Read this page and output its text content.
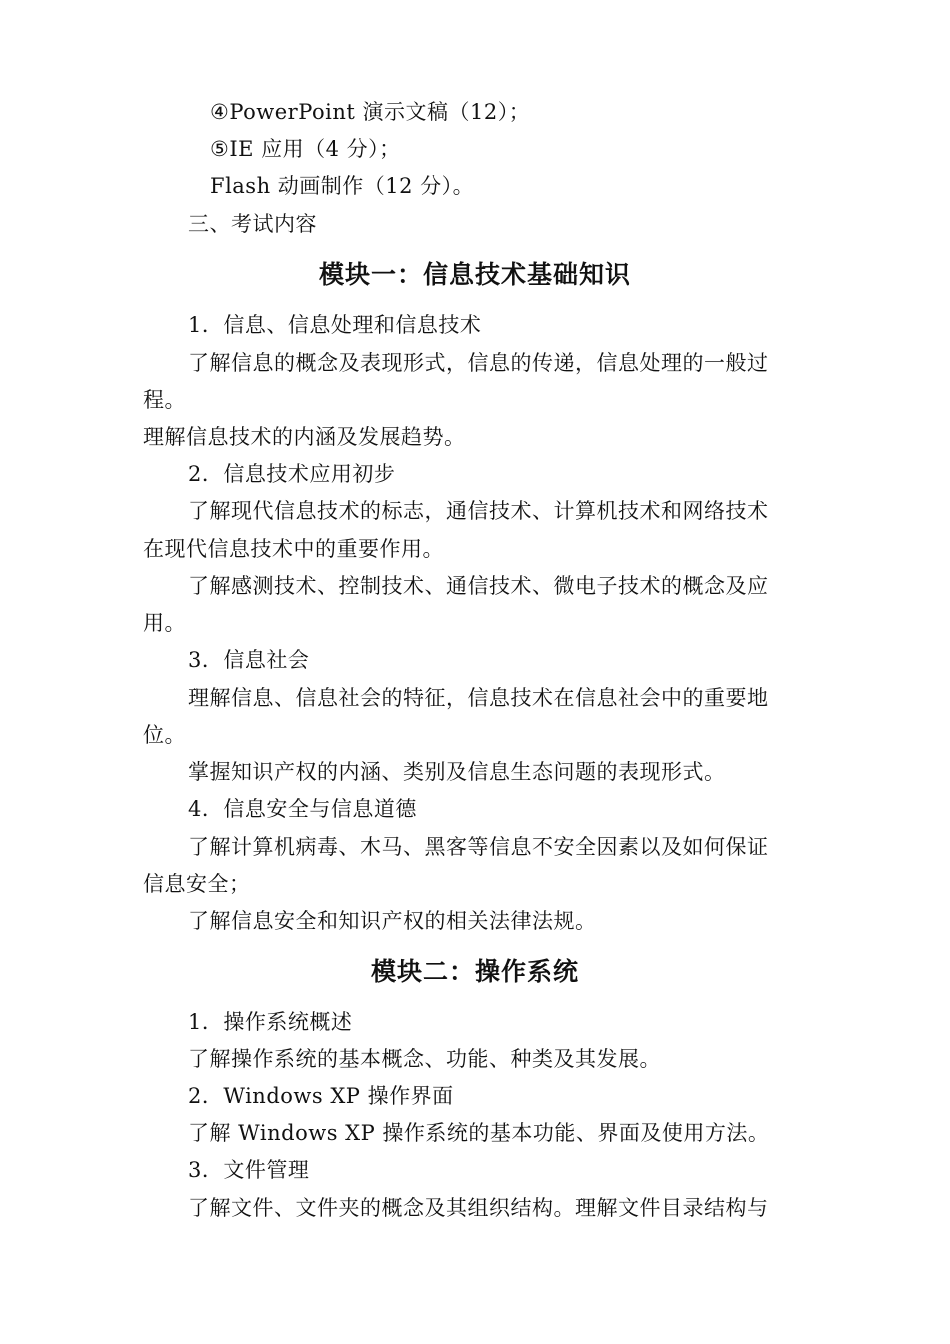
④PowerPoint 演示文稿（12）；
⑤IE 应用（4 分）；
Flash 动画制作（12 分）。
三、考试内容
模块一：信息技术基础知识
1．信息、信息处理和信息技术
了解信息的概念及表现形式，信息的传递，信息处理的一般过
程。
理解信息技术的内涵及发展趋势。
2．信息技术应用初步
了解现代信息技术的标志，通信技术、计算机技术和网络技术
在现代信息技术中的重要作用。
了解感测技术、控制技术、通信技术、微电子技术的概念及应
用。
3．信息社会
理解信息、信息社会的特征，信息技术在信息社会中的重要地
位。
掌握知识产权的内涵、类别及信息生态问题的表现形式。
4．信息安全与信息道德
了解计算机病毒、木马、黑客等信息不安全因素以及如何保证
信息安全；
了解信息安全和知识产权的相关法律法规。
模块二：操作系统
1．操作系统概述
了解操作系统的基本概念、功能、种类及其发展。
2．Windows XP 操作界面
了解 Windows XP 操作系统的基本功能、界面及使用方法。
3．文件管理
了解文件、文件夹的概念及其组织结构。理解文件目录结构与
